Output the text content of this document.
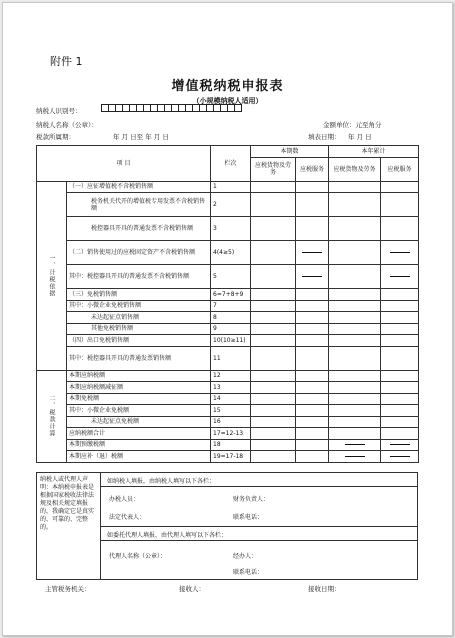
附件 1
增值税纳税申报表
（小规模纳税人适用）
纳税人识别号：
纳税人名称（公章）：	金额单位：元至角分
税款所属期：	年 月 日至 年 月 日	填表日期： 年 月 日
项 目		栏次	本期数		本年累计	
			应税货物及劳务	应税服务	应税货物及劳务	应税服务
一、计税依据	（一）应征增值税不含税销售额	1				
	税务机关代开的增值税专用发票不含税销售额	2				
	税控器具开具的普通发票不含税销售额	3				
	（二）销售使用过的应税固定资产不含税销售额	4(4≥5)				
	其中：税控器具开具的普通发票不含税销售额	5				
	（三）免税销售额	6=7+8+9				
	其中：小微企业免税销售额	7				
	未达起征点销售额	8				
	其他免税销售额	9				
	（四）出口免税销售额	10(10≥11)				
	其中：税控器具开具的普通发票销售额	11				
二、税款计算	本期应纳税额	12				
	本期应纳税额减征额	13				
	本期免税额	14				
	其中：小微企业免税额	15				
	未达起征点免税额	16				
	应纳税额合计	17=12-13				
	本期预缴税额	18				
	本期应补（退）税额	19=17-18				
纳税人或代理人声明：本纳税申报表是根据国家税收法律法规及相关规定填报的，我确定它是真实的、可靠的、完整的。
如纳税人填报，由纳税人填写以下各栏：
办税人员：	财务负责人：
法定代表人：	联系电话：
如委托代理人填报，由代理人填写以下各栏：
代理人名称（公章）：	经办人：
联系电话：
主管税务机关：	接收人：	接收日期：
